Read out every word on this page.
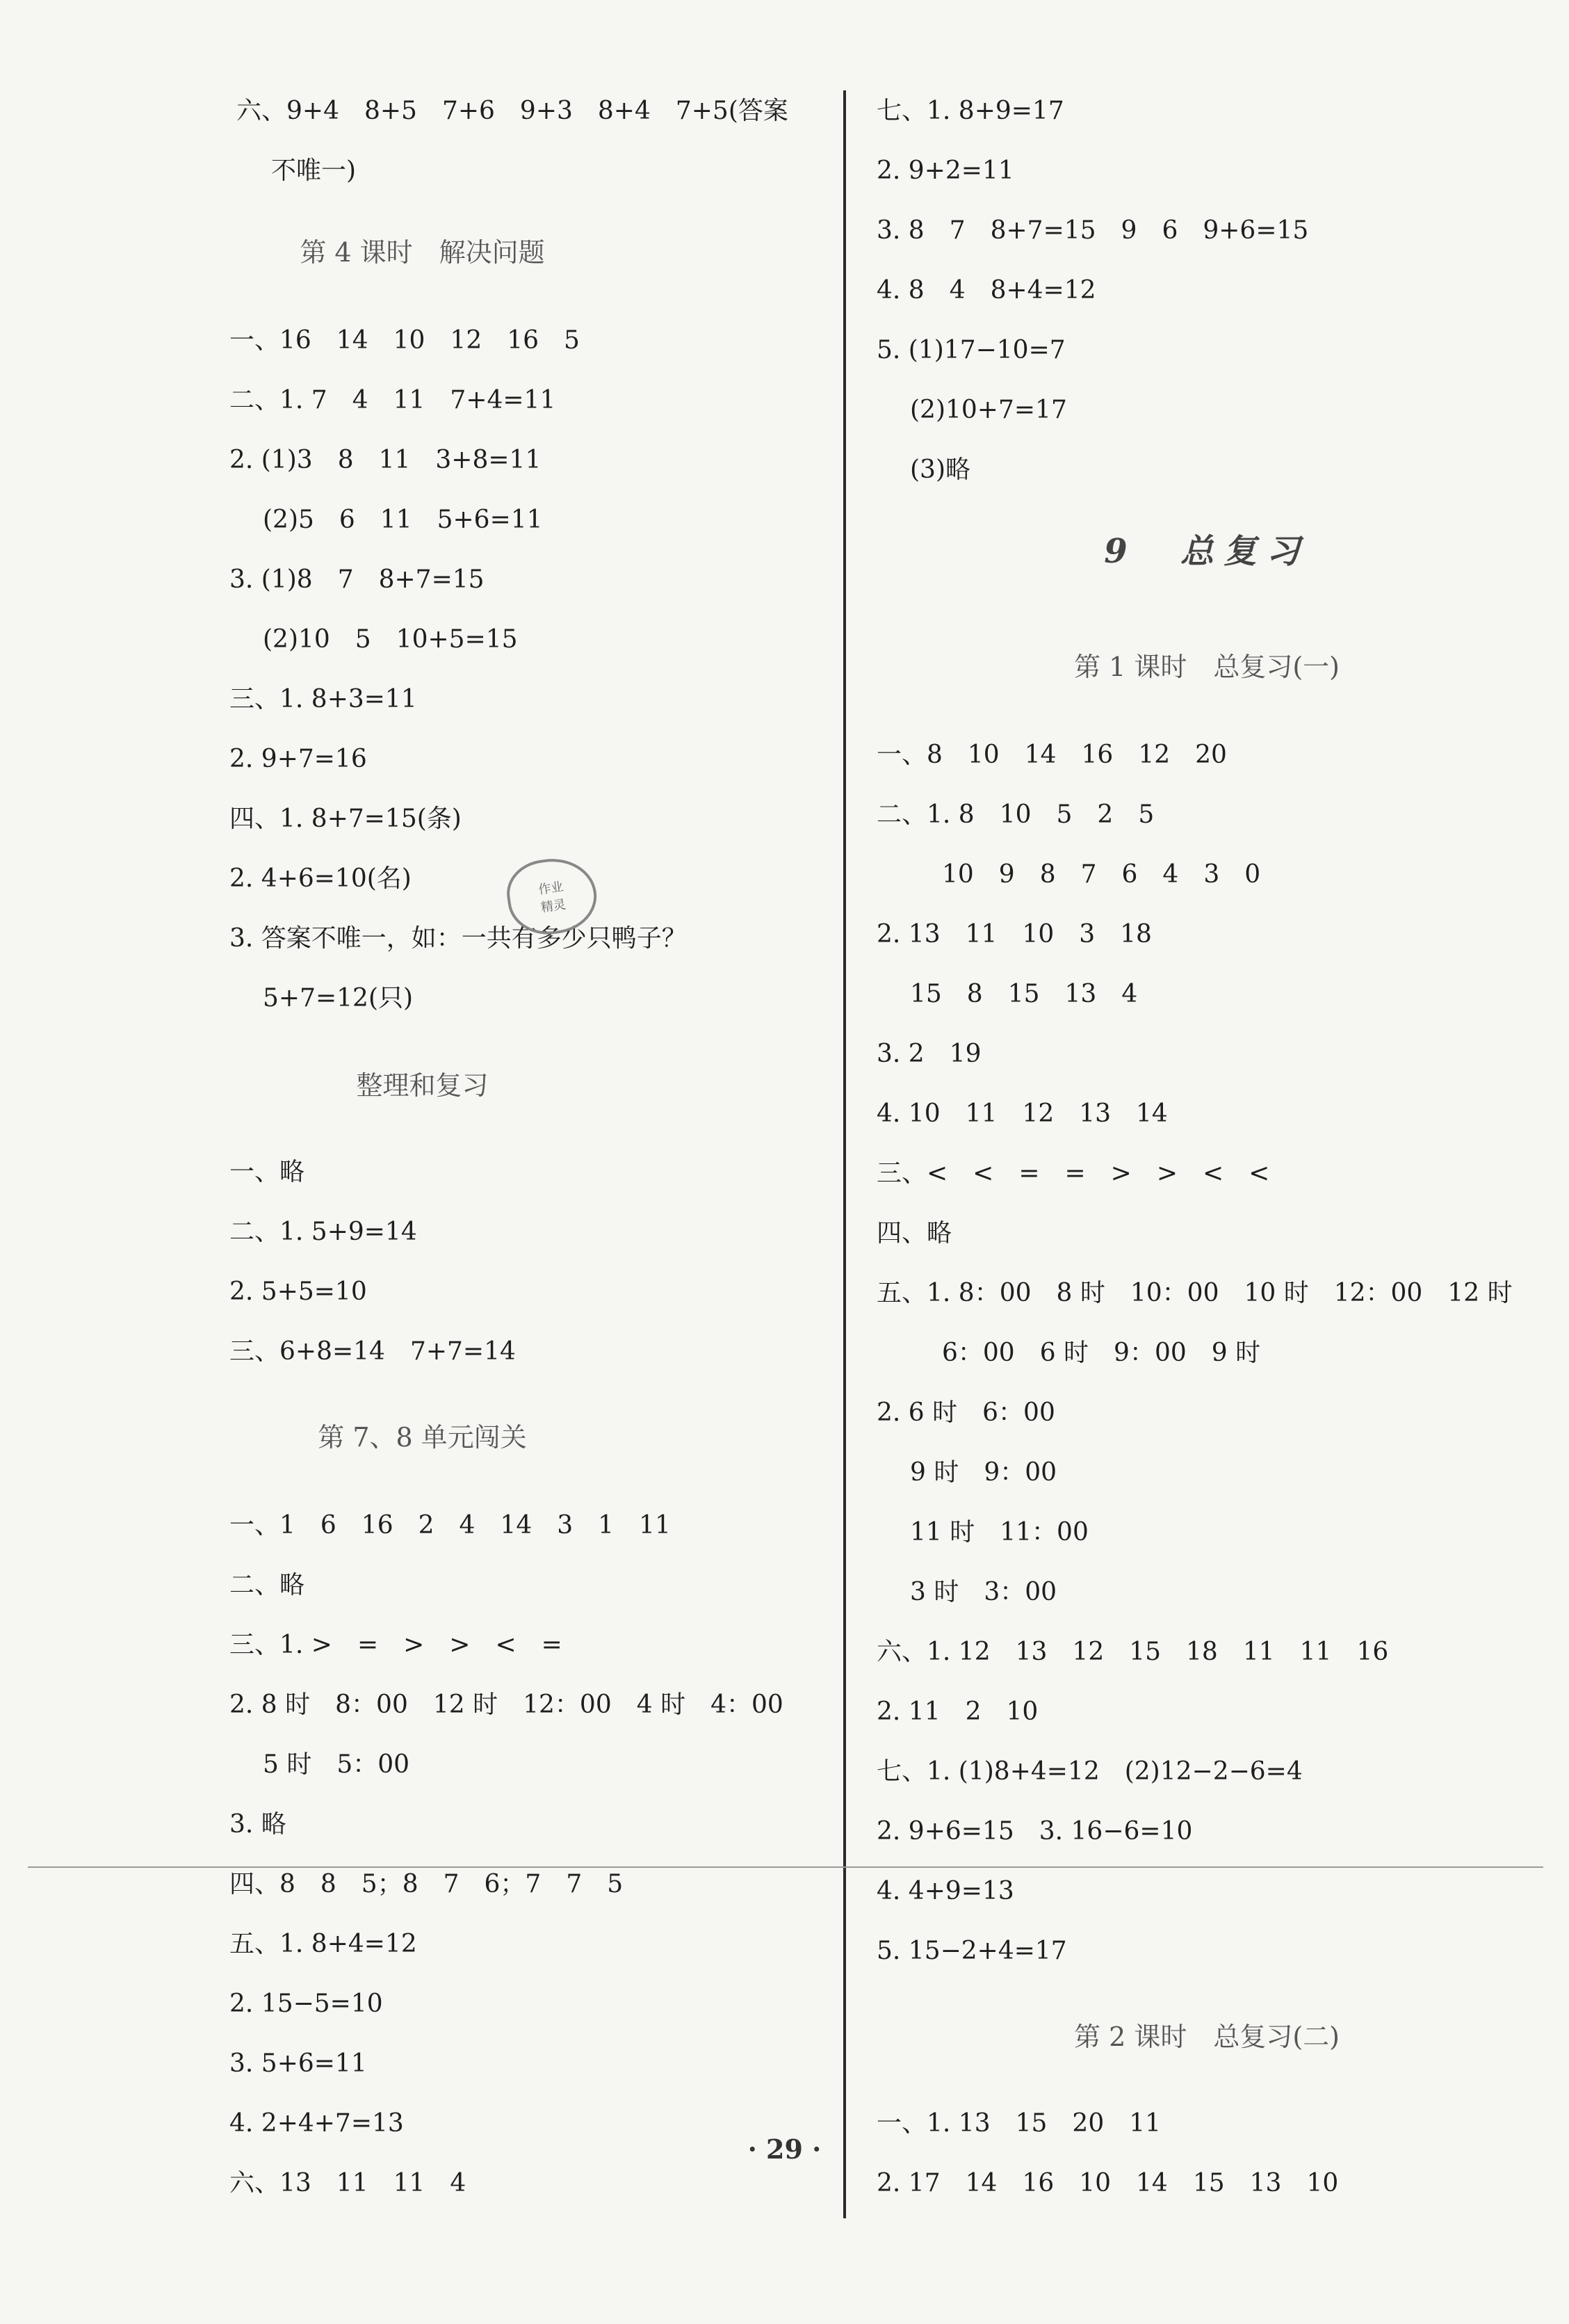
六、9+4　8+5　7+6　9+3　8+4　7+5(答案
不唯一)
第 4 课时　解决问题
一、16　14　10　12　16　5
二、1. 7　4　11　7+4=11
2. (1)3　8　11　3+8=11
(2)5　6　11　5+6=11
3. (1)8　7　8+7=15
(2)10　5　10+5=15
三、1. 8+3=11
2. 9+7=16
四、1. 8+7=15(条)
2. 4+6=10(名)
3. 答案不唯一，如：一共有多少只鸭子？
5+7=12(只)
整理和复习
一、略
二、1. 5+9=14
2. 5+5=10
三、6+8=14　7+7=14
第 7、8 单元闯关
一、1　6　16　2　4　14　3　1　11
二、略
三、1. >　=　>　>　<　=
2. 8 时　8：00　12 时　12：00　4 时　4：00
5 时　5：00
3. 略
四、8　8　5；8　7　6；7　7　5
五、1. 8+4=12
2. 15−5=10
3. 5+6=11
4. 2+4+7=13
六、13　11　11　4
七、1. 8+9=17
2. 9+2=11
3. 8　7　8+7=15　9　6　9+6=15
4. 8　4　8+4=12
5. (1)17−10=7
(2)10+7=17
(3)略
9　总复习
第 1 课时　总复习(一)
一、8　10　14　16　12　20
二、1. 8　10　5　2　5
10　9　8　7　6　4　3　0
2. 13　11　10　3　18
15　8　15　13　4
3. 2　19
4. 10　11　12　13　14
三、<　<　=　=　>　>　<　<
四、略
五、1. 8：00　8 时　10：00　10 时　12：00　12 时
6：00　6 时　9：00　9 时
2. 6 时　6：00
9 时　9：00
11 时　11：00
3 时　3：00
六、1. 12　13　12　15　18　11　11　16
2. 11　2　10
七、1. (1)8+4=12　(2)12−2−6=4
2. 9+6=15　3. 16−6=10
4. 4+9=13
5. 15−2+4=17
第 2 课时　总复习(二)
一、1. 13　15　20　11
2. 17　14　16　10　14　15　13　10
作业
精灵
· 29 ·
